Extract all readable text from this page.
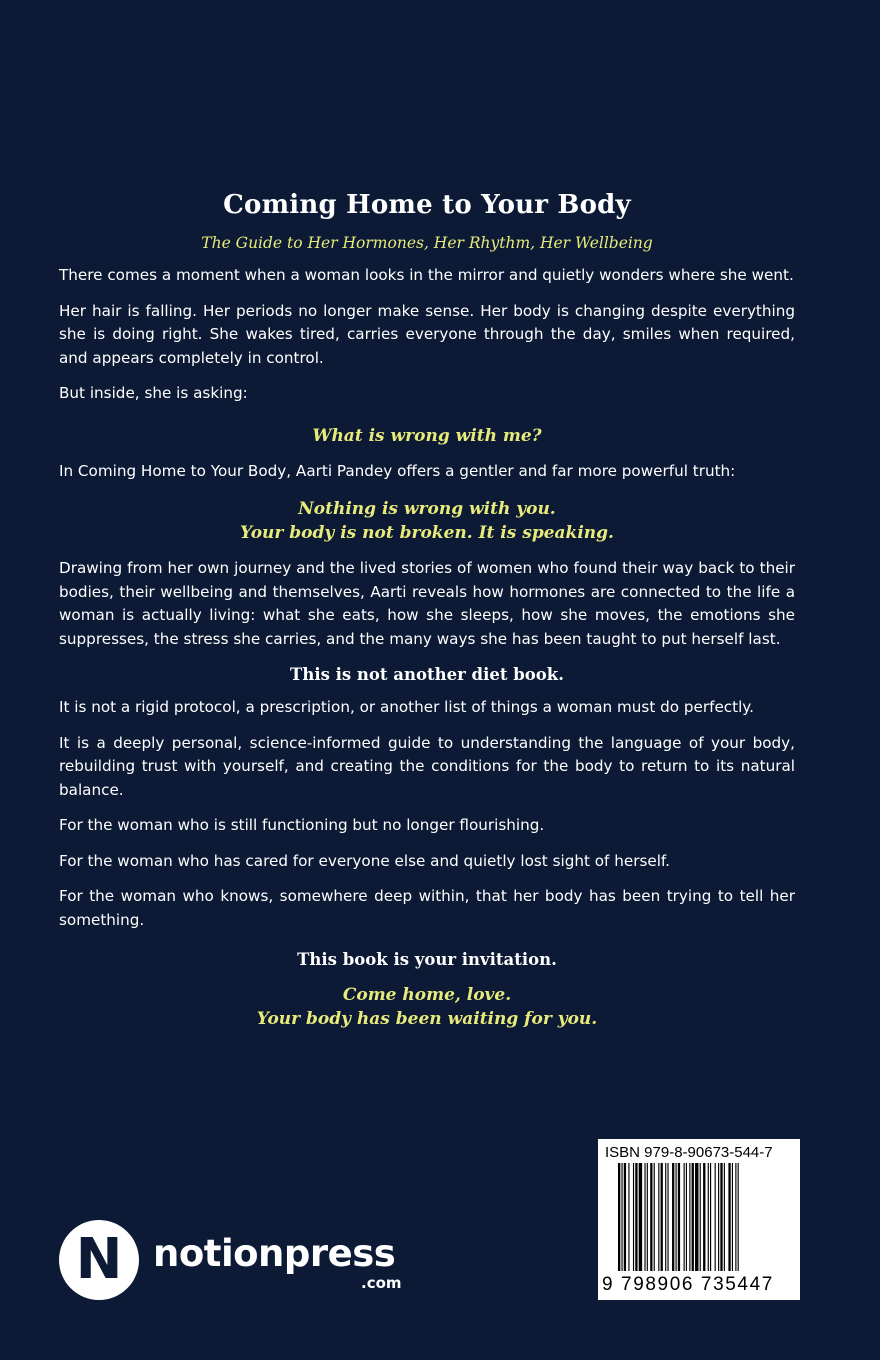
Coming Home to Your Body

The Guide to Her Hormones, Her Rhythm, Her Wellbeing

There comes a moment when a woman looks in the mirror and quietly wonders where she went.

Her hair is falling. Her periods no longer make sense. Her body is changing despite everything she is doing right. She wakes tired, carries everyone through the day, smiles when required, and appears completely in control.

But inside, she is asking:

What is wrong with me?

In Coming Home to Your Body, Aarti Pandey offers a gentler and far more powerful truth:

Nothing is wrong with you.
Your body is not broken. It is speaking.

Drawing from her own journey and the lived stories of women who found their way back to their bodies, their wellbeing and themselves, Aarti reveals how hormones are connected to the life a woman is actually living: what she eats, how she sleeps, how she moves, the emotions she suppresses, the stress she carries, and the many ways she has been taught to put herself last.

This is not another diet book.

It is not a rigid protocol, a prescription, or another list of things a woman must do perfectly.

It is a deeply personal, science-informed guide to understanding the language of your body, rebuilding trust with yourself, and creating the conditions for the body to return to its natural balance.

For the woman who is still functioning but no longer flourishing.

For the woman who has cared for everyone else and quietly lost sight of herself.

For the woman who knows, somewhere deep within, that her body has been trying to tell her something.

This book is your invitation.

Come home, love.
Your body has been waiting for you.
N notionpress
.com
ISBN 979-8-90673-544-7
9 798906 735447
